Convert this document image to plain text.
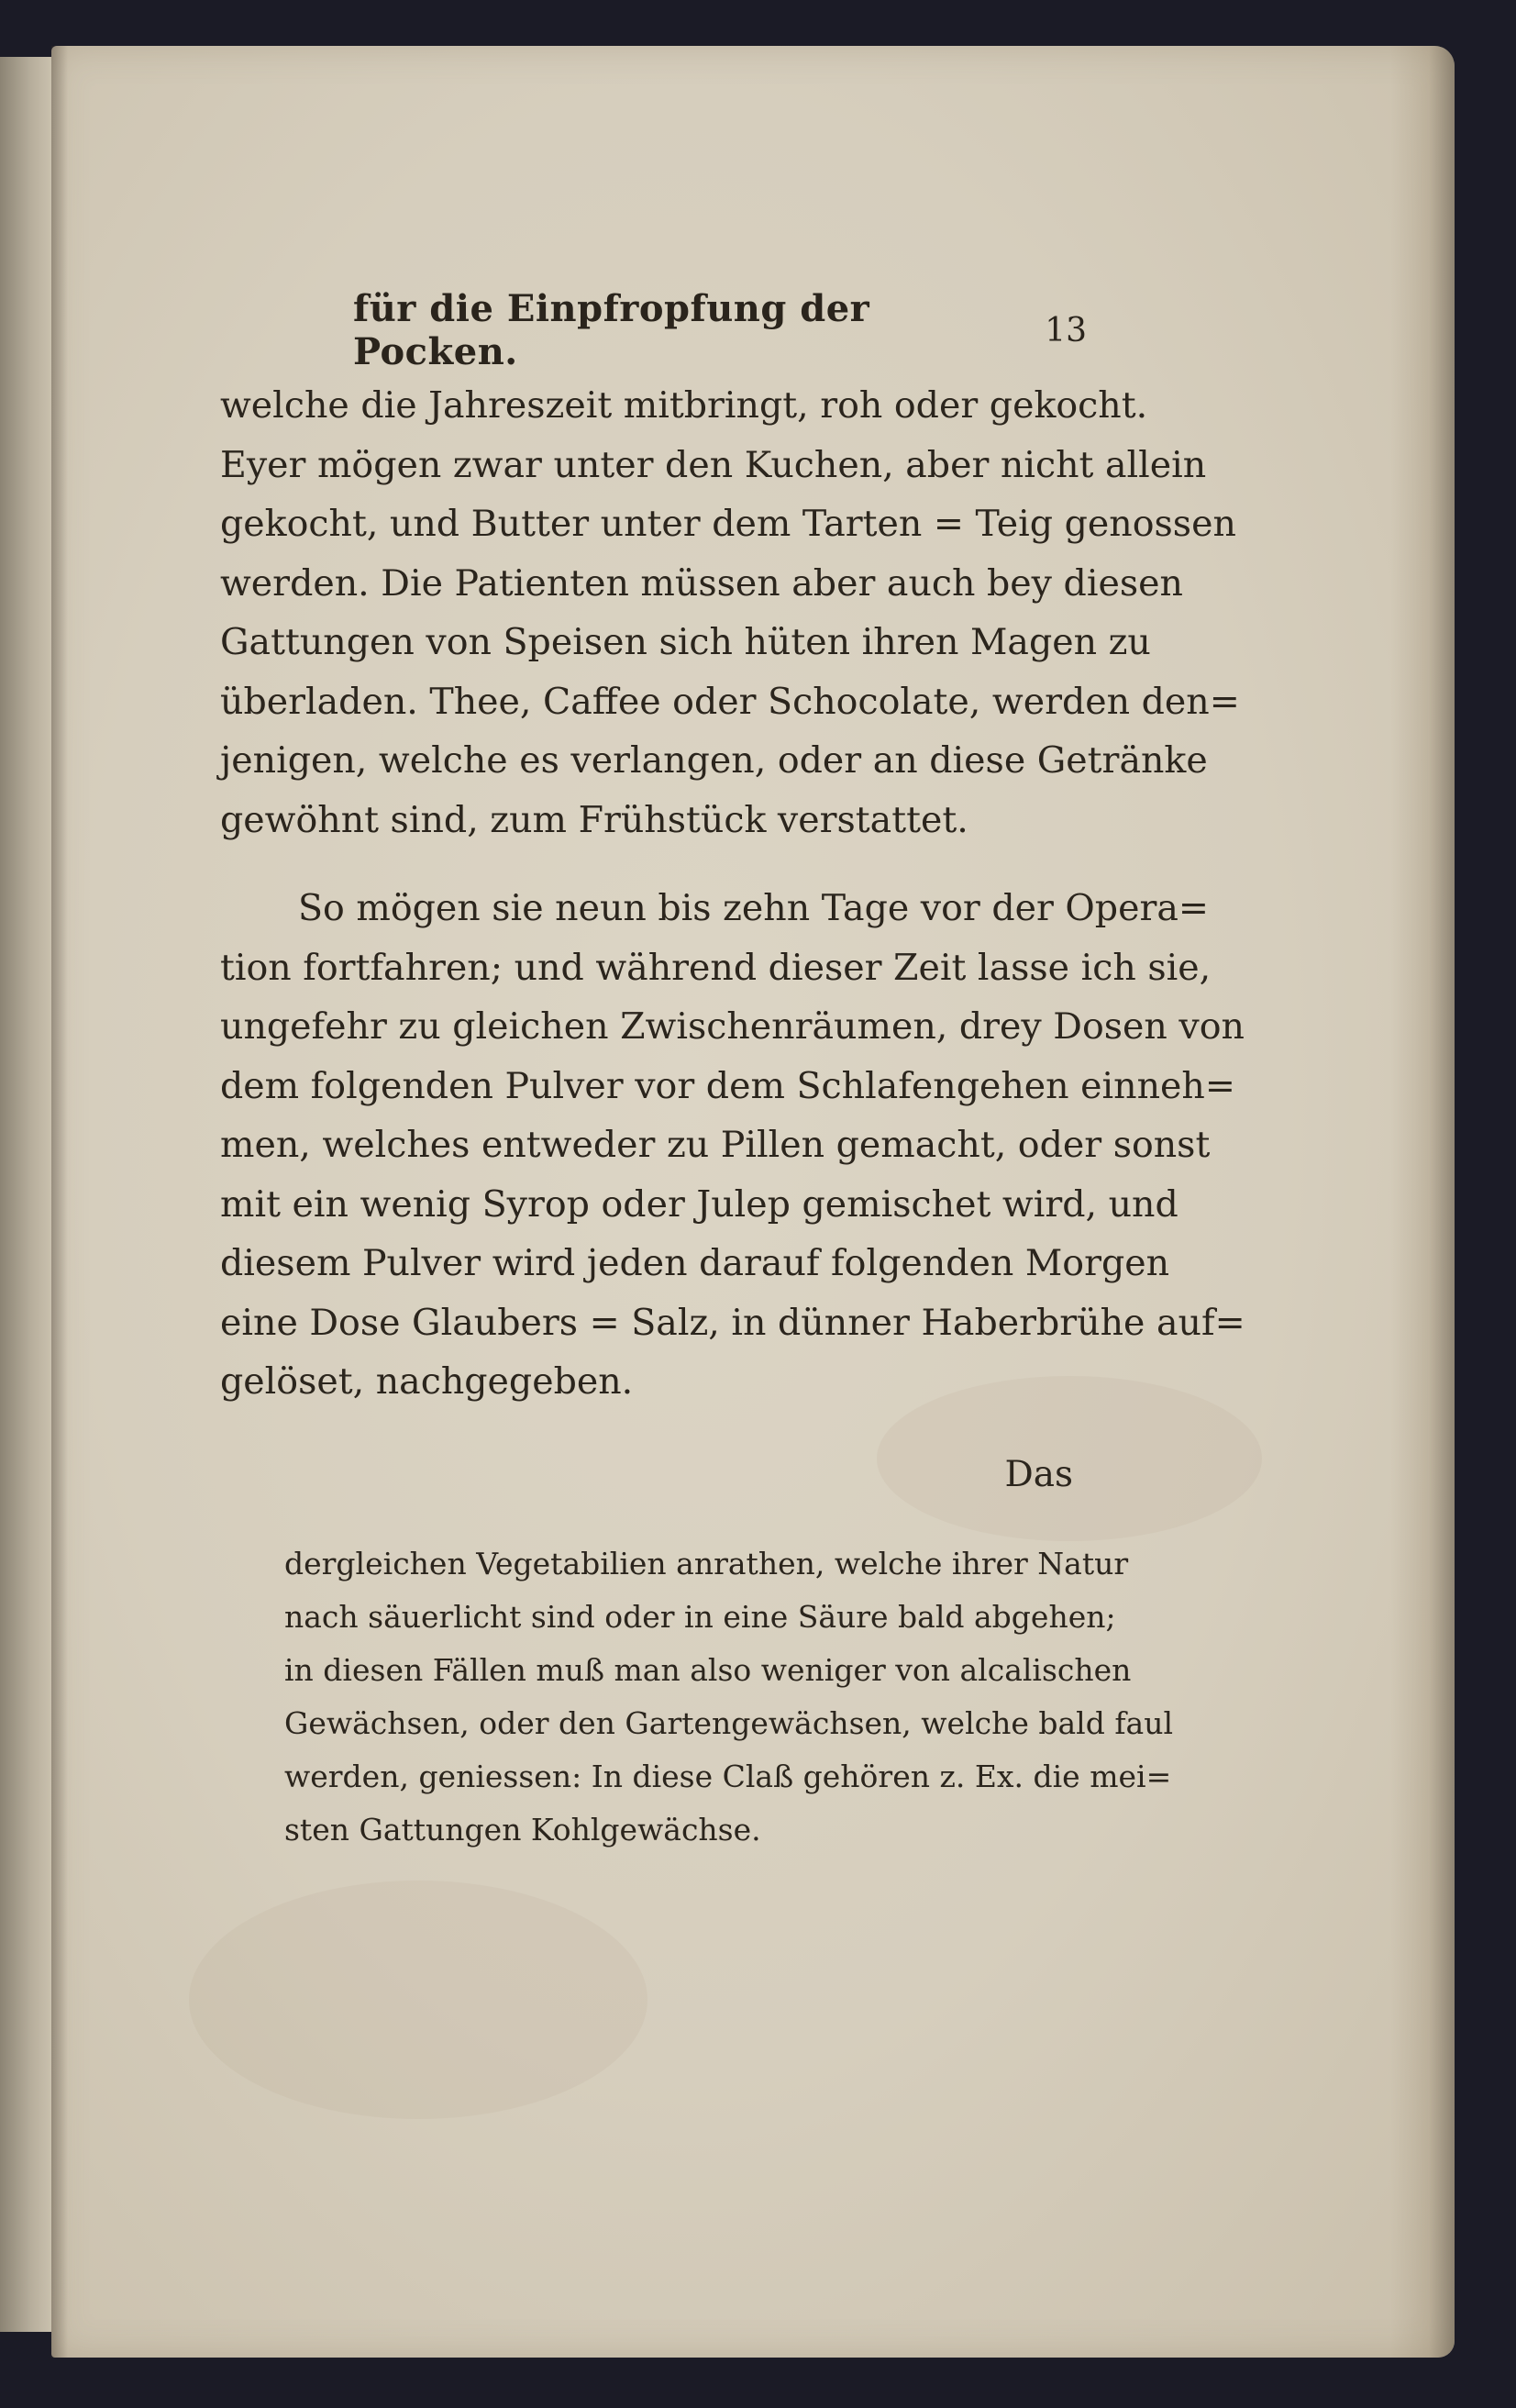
für die Einpfropfung der Pocken.	13
welche die Jahreszeit mitbringt, roh oder gekocht.
Eyer mögen zwar unter den Kuchen, aber nicht allein
gekocht, und Butter unter dem Tarten = Teig genossen
werden. Die Patienten müssen aber auch bey diesen
Gattungen von Speisen sich hüten ihren Magen zu
überladen. Thee, Caffee oder Schocolate, werden den=
jenigen, welche es verlangen, oder an diese Getränke
gewöhnt sind, zum Frühstück verstattet.
So mögen sie neun bis zehn Tage vor der Opera=
tion fortfahren; und während dieser Zeit lasse ich sie,
ungefehr zu gleichen Zwischenräumen, drey Dosen von
dem folgenden Pulver vor dem Schlafengehen einneh=
men, welches entweder zu Pillen gemacht, oder sonst
mit ein wenig Syrop oder Julep gemischet wird, und
diesem Pulver wird jeden darauf folgenden Morgen
eine Dose Glaubers = Salz, in dünner Haberbrühe auf=
gelöset, nachgegeben.
Das
dergleichen Vegetabilien anrathen, welche ihrer Natur
nach säuerlicht sind oder in eine Säure bald abgehen;
in diesen Fällen muß man also weniger von alcalischen
Gewächsen, oder den Gartengewächsen, welche bald faul
werden, geniessen: In diese Claß gehören z. Ex. die mei=
sten Gattungen Kohlgewächse.
